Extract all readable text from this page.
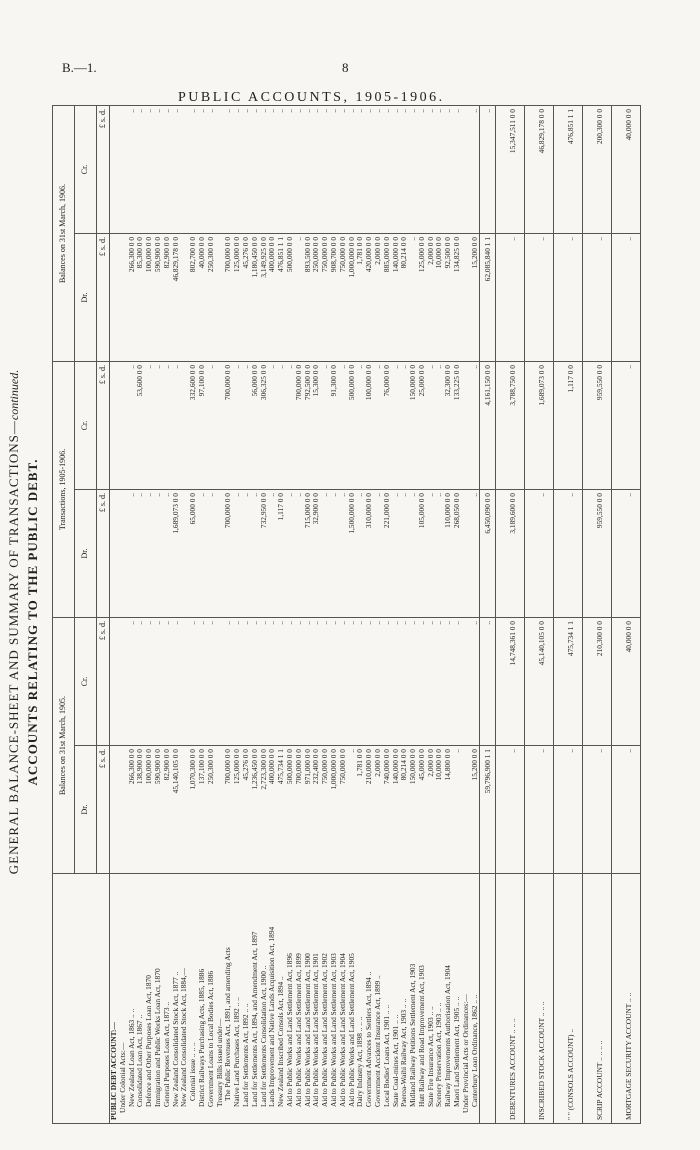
B.—1.	8
PUBLIC ACCOUNTS, 1905-1906.
GENERAL BALANCE-SHEET AND SUMMARY OF TRANSACTIONS—continued.
ACCOUNTS RELATING TO THE PUBLIC DEBT.
	Balances on 31st March, 1905.		Transactions, 1905-1906.		Balances on 31st March, 1906.	
	Dr.	Cr.	Dr.	Cr.	Dr.	Cr.
	£ s. d.	£ s. d.	£ s. d.	£ s. d.	£ s. d.	£ s. d.
PUBLIC DEBT ACCOUNT:—						
Under Colonial Acts:—						
New Zealand Loan Act, 1863 .. ..	266,300 0 0	..	..	..	266,300 0 0	..
Consolidated Loan Act, 1867 ..	138,900 0 0	..	..	53,600 0 0	85,300 0 0	..
Defence and Other Purposes Loan Act, 1870	100,000 0 0	..	..	..	100,000 0 0	..
Immigration and Public Works Loan Act, 1870	590,900 0 0	..	..	..	590,900 0 0	..
General Purposes Loan Act, 1873 ..	82,900 0 0	..	..	..	82,900 0 0	..
New Zealand Consolidated Stock Act, 1877 ..	45,140,105 0 0	..	1,689,073 0 0	..	46,829,178 0 0	..
New Zealand Consolidated Stock Act, 1884,—						
Colonial issue .. .. ..	1,070,300 0 0	..	65,000 0 0	332,600 0 0	802,700 0 0	..
District Railways Purchasing Acts, 1885, 1886	137,100 0 0	..	..	97,100 0 0	40,000 0 0	..
Government Loans to Local Bodies Act, 1886	250,300 0 0	..	..	..	250,300 0 0	..
Treasury Bills issued under—						
The Public Revenues Act, 1891, and amending Acts	700,000 0 0	..	700,000 0 0	700,000 0 0	700,000 0 0	..
Native Land Purchases Act, 1892 .. ..	125,000 0 0	..	..	..	125,000 0 0	..
Land for Settlements Act, 1892 .. ..	45,276 0 0	..	..	..	45,276 0 0	..
Land for Settlements Act, 1894, and Amendment Act, 1897	1,236,450 0 0	..	..	56,000 0 0	1,180,450 0 0	..
Land for Settlements Consolidation Act, 1900 ..	2,723,300 0 0	..	732,950 0 0	306,325 0 0	3,149,925 0 0	..
Lands Improvement and Native Lands Acquisition Act, 1894	400,000 0 0	..	..	..	400,000 0 0	..
New Zealand Inscribed Consols Act, 1894 ..	475,734 1 1	..	1,117 0 0	..	476,851 1 1	..
Aid to Public Works and Land Settlement Act, 1896	500,000 0 0	..	..	..	500,000 0 0	..
Aid to Public Works and Land Settlement Act, 1899	700,000 0 0	..	..	700,000 0 0	..	..
Aid to Public Works and Land Settlement Act, 1900	971,000 0 0	..	715,000 0 0	792,500 0 0	893,500 0 0	..
Aid to Public Works and Land Settlement Act, 1901	232,400 0 0	..	32,900 0 0	15,300 0 0	250,000 0 0	..
Aid to Public Works and Land Settlement Act, 1902	750,000 0 0	..	..	..	750,000 0 0	..
Aid to Public Works and Land Settlement Act, 1903	1,000,000 0 0	..	..	91,300 0 0	908,700 0 0	..
Aid to Public Works and Land Settlement Act, 1904	750,000 0 0	..	..	..	750,000 0 0	..
Aid to Public Works and Land Settlement Act, 1905	..	..	1,500,000 0 0	500,000 0 0	1,000,000 0 0	..
Dairy Industry Act, 1898 .. .. ..	1,781 0 0	..	..	..	1,781 0 0	..
Government Advances to Settlers Act, 1894 ..	210,000 0 0	..	310,000 0 0	100,000 0 0	420,000 0 0	..
Government Accident Insurance Act, 1899 ..	2,000 0 0	..	..	..	2,000 0 0	..
Local Bodies' Loans Act, 1901 .. ..	740,000 0 0	..	221,000 0 0	76,000 0 0	885,000 0 0	..
State Coal-mines Act, 1901 .. ..	140,000 0 0	..	..	..	140,000 0 0	..
Paeroa-Waihi Railway Act, 1903 .. ..	80,214 0 0	..	..	..	80,214 0 0	..
Midland Railway Petitions Settlement Act, 1903	150,000 0 0	..	..	150,000 0 0	..	..
Hutt Railway and Road Improvement Act, 1903	45,000 0 0	..	105,000 0 0	25,000 0 0	125,000 0 0	..
State Fire Insurance Act, 1903 .. ..	2,000 0 0	..	..	..	2,000 0 0	..
Scenery Preservation Act, 1903 .. ..	10,000 0 0	..	..	..	10,000 0 0	..
Railway Improvements Authorisation Act, 1904	14,800 0 0	..	110,000 0 0	32,300 0 0	92,500 0 0	..
Maori Land Settlement Act, 1905 .. ..	..	..	268,050 0 0	133,225 0 0	134,825 0 0	..
Under Provincial Acts or Ordinances:—						
Canterbury Loan Ordinance, 1862 .. ..	15,200 0 0	..	..	..	15,200 0 0	..
	59,796,900 1 1	..	6,450,090 0 0	4,161,150 0 0	62,085,840 1 1	..

DEBENTURES ACCOUNT .. .. ..	..	14,748,361 0 0	3,189,600 0 0	3,788,750 0 0	..	15,347,511 0 0

INSCRIBED STOCK ACCOUNT .. .. ..	..	45,140,105 0 0	..	1,689,073 0 0	..	46,829,178 0 0

" " (CONSOLS ACCOUNT) ..	..	475,734 1 1	..	1,117 0 0	..	476,851 1 1

SCRIP ACCOUNT .. .. .. ..	..	210,300 0 0	959,550 0 0	959,550 0 0	..	200,300 0 0

MORTGAGE SECURITY ACCOUNT .. ..	..	40,000 0 0	..	..	..	40,000 0 0
